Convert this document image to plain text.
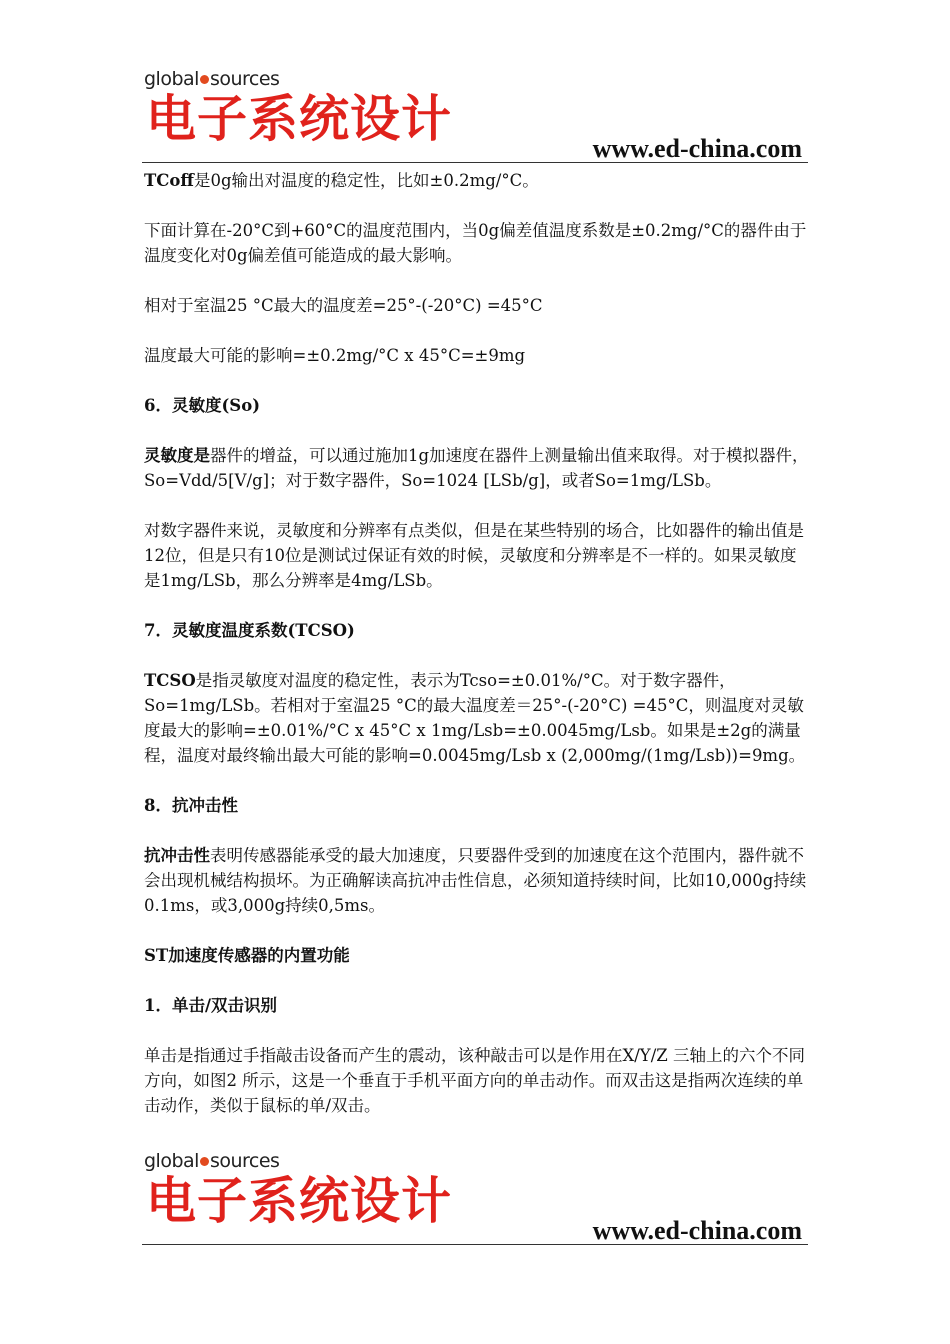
global sources
电子系统设计
www.ed-china.com

TCoff是0g输出对温度的稳定性，比如±0.2mg/°C。

下面计算在-20°C到+60°C的温度范围内，当0g偏差值温度系数是±0.2mg/°C的器件由于温度变化对0g偏差值可能造成的最大影响。

相对于室温25 °C最大的温度差=25°-(-20°C) =45°C

温度最大可能的影响=±0.2mg/°C x 45°C=±9mg

6．灵敏度(So)

灵敏度是器件的增益，可以通过施加1g加速度在器件上测量输出值来取得。对于模拟器件，So=Vdd/5[V/g]；对于数字器件，So=1024 [LSb/g]，或者So=1mg/LSb。

对数字器件来说，灵敏度和分辨率有点类似，但是在某些特别的场合，比如器件的输出值是12位，但是只有10位是测试过保证有效的时候，灵敏度和分辨率是不一样的。如果灵敏度是1mg/LSb，那么分辨率是4mg/LSb。

7．灵敏度温度系数(TCSO)

TCSO是指灵敏度对温度的稳定性，表示为Tcso=±0.01%/°C。对于数字器件，So=1mg/LSb。若相对于室温25 °C的最大温度差＝25°-(-20°C) =45°C，则温度对灵敏度最大的影响=±0.01%/°C x 45°C x 1mg/Lsb=±0.0045mg/Lsb。如果是±2g的满量程，温度对最终输出最大可能的影响=0.0045mg/Lsb x (2,000mg/(1mg/Lsb))=9mg。

8．抗冲击性

抗冲击性表明传感器能承受的最大加速度，只要器件受到的加速度在这个范围内，器件就不会出现机械结构损坏。为正确解读高抗冲击性信息，必须知道持续时间，比如10,000g持续0.1ms，或3,000g持续0,5ms。

ST加速度传感器的内置功能

1．单击/双击识别

单击是指通过手指敲击设备而产生的震动，该种敲击可以是作用在X/Y/Z 三轴上的六个不同方向，如图2 所示，这是一个垂直于手机平面方向的单击动作。而双击这是指两次连续的单击动作，类似于鼠标的单/双击。

global sources
电子系统设计
www.ed-china.com
